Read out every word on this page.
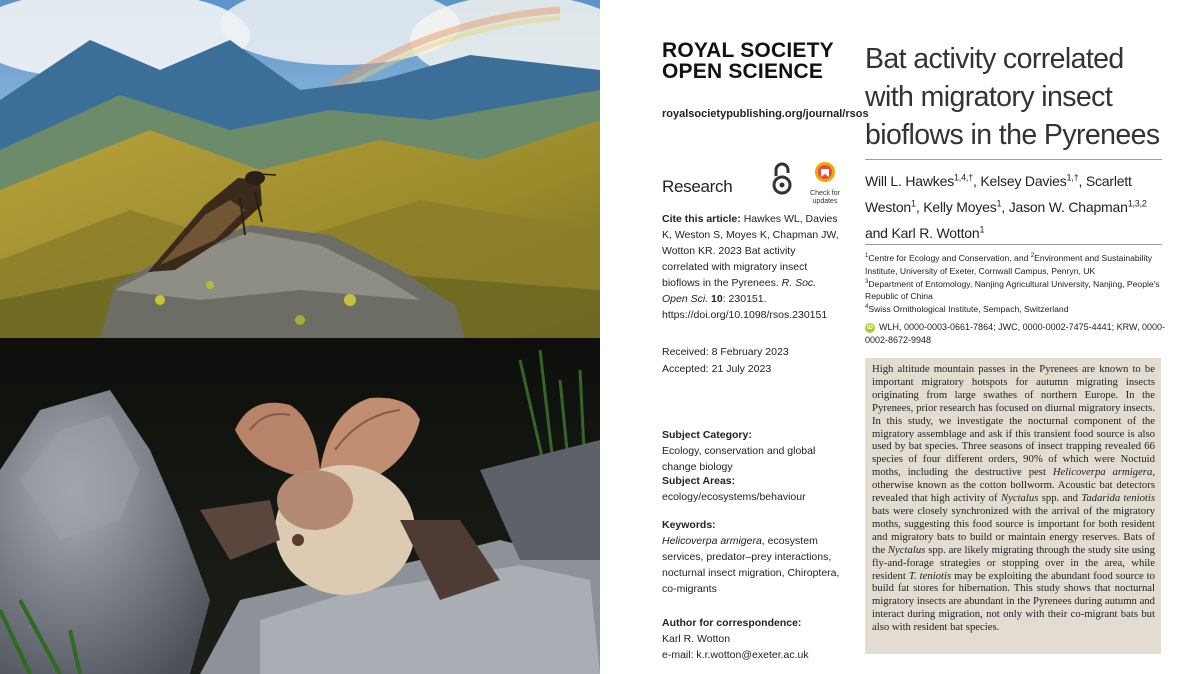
ROYAL SOCIETY
OPEN SCIENCE
royalsocietypublishing.org/journal/rsos
Research	Check for
updates
Cite this article: Hawkes WL, Davies K, Weston S, Moyes K, Chapman JW, Wotton KR. 2023 Bat activity correlated with migratory insect bioflows in the Pyrenees. R. Soc. Open Sci. 10: 230151. https://doi.org/10.1098/rsos.230151
Received: 8 February 2023
Accepted: 21 July 2023
Subject Category:
Ecology, conservation and global change biology
Subject Areas:
ecology/ecosystems/behaviour
Keywords:
Helicoverpa armigera, ecosystem services, predator–prey interactions, nocturnal insect migration, Chiroptera, co-migrants
Author for correspondence:
Karl R. Wotton
e-mail: k.r.wotton@exeter.ac.uk
Bat activity correlated with migratory insect bioflows in the Pyrenees
Will L. Hawkes$^{1,4,\dagger}$, Kelsey Davies$^{1,\dagger}$, Scarlett Weston$^1$, Kelly Moyes$^1$, Jason W. Chapman$^{1,3,2}$ and Karl R. Wotton$^1$
$^1$Centre for Ecology and Conservation, and $^2$Environment and Sustainability Institute, University of Exeter, Cornwall Campus, Penryn, UK
$^3$Department of Entomology, Nanjing Agricultural University, Nanjing, People's Republic of China
$^4$Swiss Ornithological Institute, Sempach, Switzerland
iD WLH, 0000-0003-0661-7864; JWC, 0000-0002-7475-4441; KRW, 0000-0002-8672-9948
High altitude mountain passes in the Pyrenees are known to be important migratory hotspots for autumn migrating insects originating from large swathes of northern Europe. In the Pyrenees, prior research has focused on diurnal migratory insects. In this study, we investigate the nocturnal component of the migratory assemblage and ask if this transient food source is also used by bat species. Three seasons of insect trapping revealed 66 species of four different orders, 90% of which were Noctuid moths, including the destructive pest Helicoverpa armigera, otherwise known as the cotton bollworm. Acoustic bat detectors revealed that high activity of Nyctalus spp. and Tadarida teniotis bats were closely synchronized with the arrival of the migratory moths, suggesting this food source is important for both resident and migratory bats to build or maintain energy reserves. Bats of the Nyctalus spp. are likely migrating through the study site using fly-and-forage strategies or stopping over in the area, while resident T. teniotis may be exploiting the abundant food source to build fat stores for hibernation. This study shows that nocturnal migratory insects are abundant in the Pyrenees during autumn and interact during migration, not only with their co-migrant bats but also with resident bat species.
